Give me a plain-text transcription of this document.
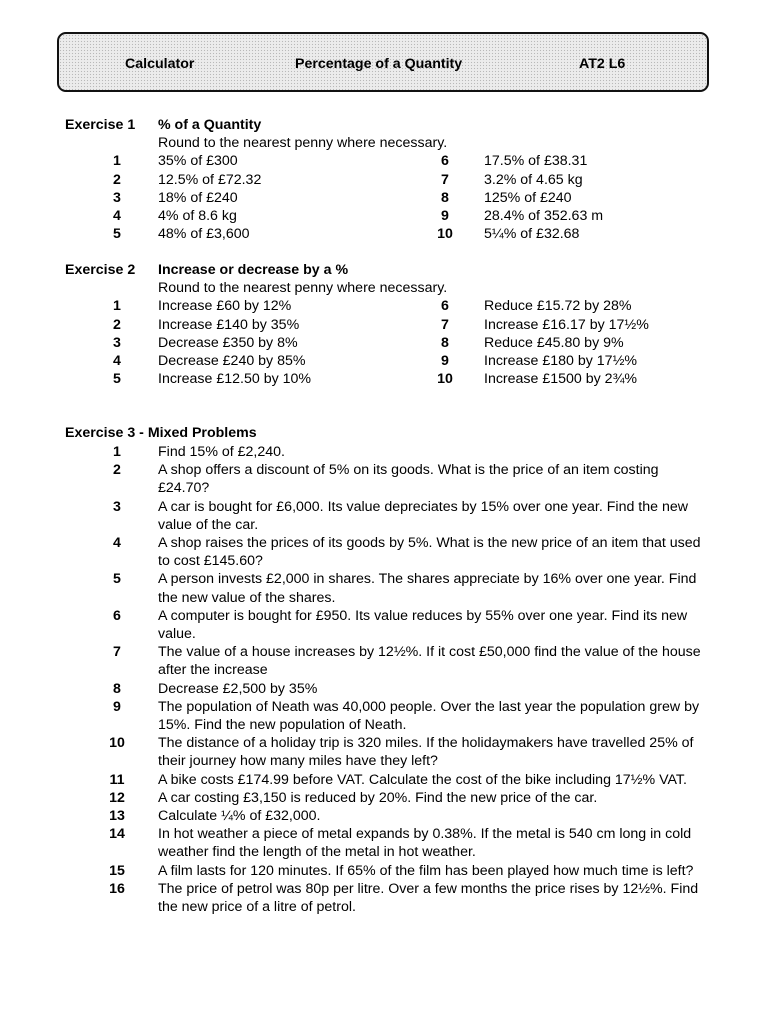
Calculator	Percentage of a Quantity	AT2 L6
Exercise 1 % of a Quantity
Round to the nearest penny where necessary.
1	35% of £300	6	17.5% of £38.31
2	12.5% of £72.32	7	3.2% of 4.65 kg
3	18% of £240	8	125% of £240
4	4% of 8.6 kg	9	28.4% of 352.63 m
5	48% of £3,600	10	5¼% of £32.68
Exercise 2 Increase or decrease by a %
Round to the nearest penny where necessary.
1	Increase £60 by 12%	6	Reduce £15.72 by 28%
2	Increase £140 by 35%	7	Increase £16.17 by 17½%
3	Decrease £350 by 8%	8	Reduce £45.80 by 9%
4	Decrease £240 by 85%	9	Increase £180 by 17½%
5	Increase £12.50 by 10%	10	Increase £1500 by 2¾%
Exercise 3 - Mixed Problems
1	Find 15% of £2,240.
2	A shop offers a discount of 5% on its goods. What is the price of an item costing £24.70?
3	A car is bought for £6,000. Its value depreciates by 15% over one year. Find the new value of the car.
4	A shop raises the prices of its goods by 5%. What is the new price of an item that used to cost £145.60?
5	A person invests £2,000 in shares. The shares appreciate by 16% over one year. Find the new value of the shares.
6	A computer is bought for £950. Its value reduces by 55% over one year. Find its new value.
7	The value of a house increases by 12½%. If it cost £50,000 find the value of the house after the increase
8	Decrease £2,500 by 35%
9	The population of Neath was 40,000 people. Over the last year the population grew by 15%. Find the new population of Neath.
10	The distance of a holiday trip is 320 miles. If the holidaymakers have travelled 25% of their journey how many miles have they left?
11	A bike costs £174.99 before VAT. Calculate the cost of the bike including 17½% VAT.
12	A car costing £3,150 is reduced by 20%. Find the new price of the car.
13	Calculate ¼% of £32,000.
14	In hot weather a piece of metal expands by 0.38%. If the metal is 540 cm long in cold weather find the length of the metal in hot weather.
15	A film lasts for 120 minutes. If 65% of the film has been played how much time is left?
16	The price of petrol was 80p per litre. Over a few months the price rises by 12½%. Find the new price of a litre of petrol.
